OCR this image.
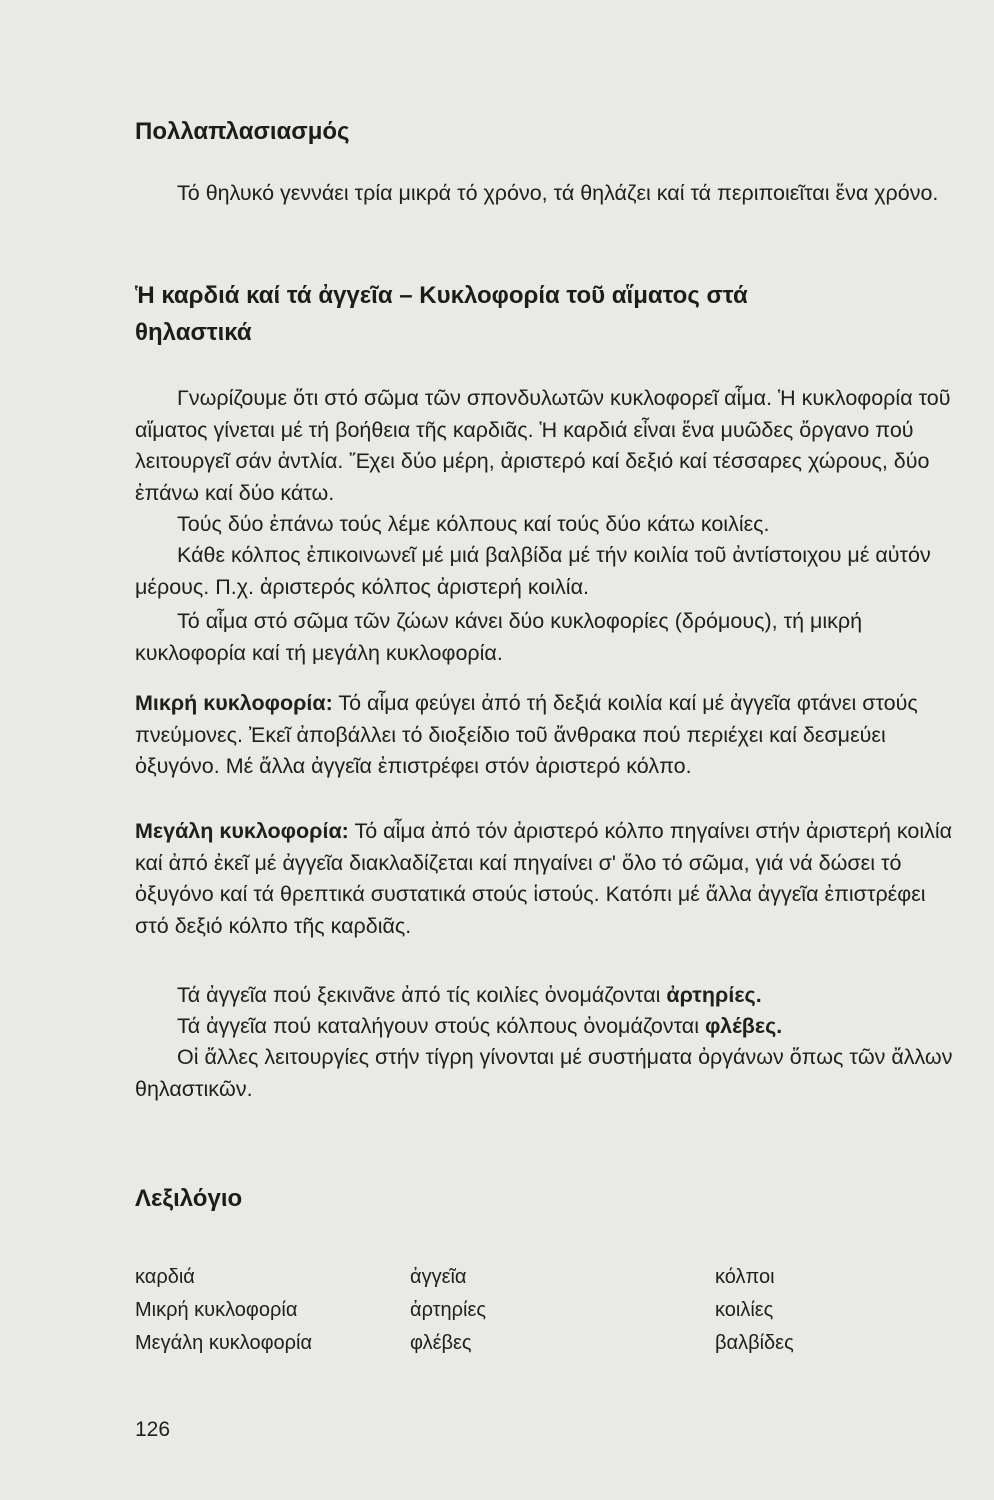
Πολλαπλασιασμός

Τό θηλυκό γεννάει τρία μικρά τό χρόνο, τά θηλάζει καί τά περιποιεῖται ἕνα χρόνο.

Ἡ καρδιά καί τά ἀγγεῖα – Κυκλοφορία τοῦ αἵματος στά
θηλαστικά

Γνωρίζουμε ὅτι στό σῶμα τῶν σπονδυλωτῶν κυκλοφορεῖ αἷμα. Ἡ κυκλοφορία τοῦ αἵματος γίνεται μέ τή βοήθεια τῆς καρδιᾶς. Ἡ καρδιά εἶναι ἕνα μυῶδες ὄργανο πού λειτουργεῖ σάν ἀντλία. Ἔχει δύο μέρη, ἀριστερό καί δεξιό καί τέσσαρες χώρους, δύο ἐπάνω καί δύο κάτω.

Τούς δύο ἐπάνω τούς λέμε κόλπους καί τούς δύο κάτω κοιλίες.

Κάθε κόλπος ἐπικοινωνεῖ μέ μιά βαλβίδα μέ τήν κοιλία τοῦ ἀντίστοιχου μέ αὐτόν μέρους. Π.χ. ἀριστερός κόλπος ἀριστερή κοιλία.

Τό αἷμα στό σῶμα τῶν ζώων κάνει δύο κυκλοφορίες (δρόμους), τή μικρή κυκλοφορία καί τή μεγάλη κυκλοφορία.

Μικρή κυκλοφορία: Τό αἷμα φεύγει ἀπό τή δεξιά κοιλία καί μέ ἀγγεῖα φτάνει στούς πνεύμονες. Ἐκεῖ ἀποβάλλει τό διοξείδιο τοῦ ἄνθρακα πού περιέχει καί δεσμεύει ὀξυγόνο. Μέ ἄλλα ἀγγεῖα ἐπιστρέφει στόν ἀριστερό κόλπο.

Μεγάλη κυκλοφορία: Τό αἷμα ἀπό τόν ἀριστερό κόλπο πηγαίνει στήν ἀριστερή κοιλία καί ἀπό ἐκεῖ μέ ἀγγεῖα διακλαδίζεται καί πηγαίνει σ' ὅλο τό σῶμα, γιά νά δώσει τό ὀξυγόνο καί τά θρεπτικά συστατικά στούς ἱστούς. Κατόπι μέ ἄλλα ἀγγεῖα ἐπιστρέφει στό δεξιό κόλπο τῆς καρδιᾶς.

Τά ἀγγεῖα πού ξεκινᾶνε ἀπό τίς κοιλίες ὀνομάζονται ἀρτηρίες.

Τά ἀγγεῖα πού καταλήγουν στούς κόλπους ὀνομάζονται φλέβες.

Οἱ ἄλλες λειτουργίες στήν τίγρη γίνονται μέ συστήματα ὀργάνων ὅπως τῶν ἄλλων θηλαστικῶν.

Λεξιλόγιο
καρδιά
Μικρή κυκλοφορία
Μεγάλη κυκλοφορία
ἀγγεῖα
ἀρτηρίες
φλέβες
κόλποι
κοιλίες
βαλβίδες
126
